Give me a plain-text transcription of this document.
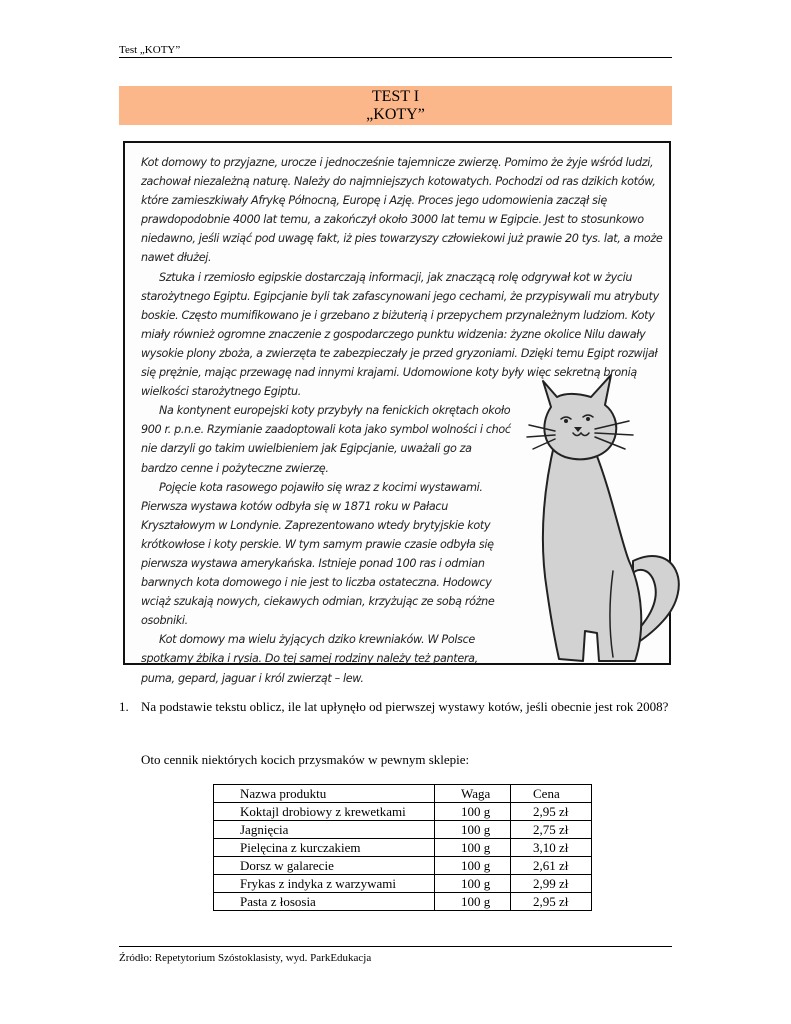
Test „KOTY”
TEST I
„KOTY”

Kot domowy to przyjazne, urocze i jednocześnie tajemnicze zwierzę. Pomimo że żyje wśród ludzi, zachował niezależną naturę. Należy do najmniejszych kotowatych. Pochodzi od ras dzikich kotów, które zamieszkiwały Afrykę Północną, Europę i Azję. Proces jego udomowienia zaczął się prawdopodobnie 4000 lat temu, a zakończył około 3000 lat temu w Egipcie. Jest to stosunkowo niedawno, jeśli wziąć pod uwagę fakt, iż pies towarzyszy człowiekowi już prawie 20 tys. lat, a może nawet dłużej.

Sztuka i rzemiosło egipskie dostarczają informacji, jak znaczącą rolę odgrywał kot w życiu starożytnego Egiptu. Egipcjanie byli tak zafascynowani jego cechami, że przypisywali mu atrybuty boskie. Często mumifikowano je i grzebano z biżuterią i przepychem przynależnym ludziom. Koty miały również ogromne znaczenie z gospodarczego punktu widzenia: żyzne okolice Nilu dawały wysokie plony zboża, a zwierzęta te zabezpieczały je przed gryzoniami. Dzięki temu Egipt rozwijał się prężnie, mając przewagę nad innymi krajami. Udomowione koty były więc sekretną bronią wielkości starożytnego Egiptu.

Na kontynent europejski koty przybyły na fenickich okrętach około 900 r. p.n.e. Rzymianie zaadoptowali kota jako symbol wolności i choć nie darzyli go takim uwielbieniem jak Egipcjanie, uważali go za bardzo cenne i pożyteczne zwierzę.

Pojęcie kota rasowego pojawiło się wraz z kocimi wystawami. Pierwsza wystawa kotów odbyła się w 1871 roku w Pałacu Kryształowym w Londynie. Zaprezentowano wtedy brytyjskie koty krótkowłose i koty perskie. W tym samym prawie czasie odbyła się pierwsza wystawa amerykańska. Istnieje ponad 100 ras i odmian barwnych kota domowego i nie jest to liczba ostateczna. Hodowcy wciąż szukają nowych, ciekawych odmian, krzyżując ze sobą różne osobniki.

Kot domowy ma wielu żyjących dziko krewniaków. W Polsce spotkamy żbika i rysia. Do tej samej rodziny należy też pantera, puma, gepard, jaguar i król zwierząt – lew.

1. Na podstawie tekstu oblicz, ile lat upłynęło od pierwszej wystawy kotów, jeśli obecnie jest rok 2008?
Oto cennik niektórych kocich przysmaków w pewnym sklepie:
Nazwa produktu	Waga	Cena
Koktajl drobiowy z krewetkami	100 g	2,95 zł
Jagnięcia	100 g	2,75 zł
Pielęcina z kurczakiem	100 g	3,10 zł
Dorsz w galarecie	100 g	2,61 zł
Frykas z indyka z warzywami	100 g	2,99 zł
Pasta z łososia	100 g	2,95 zł
Źródło: Repetytorium Szóstoklasisty, wyd. ParkEdukacja
